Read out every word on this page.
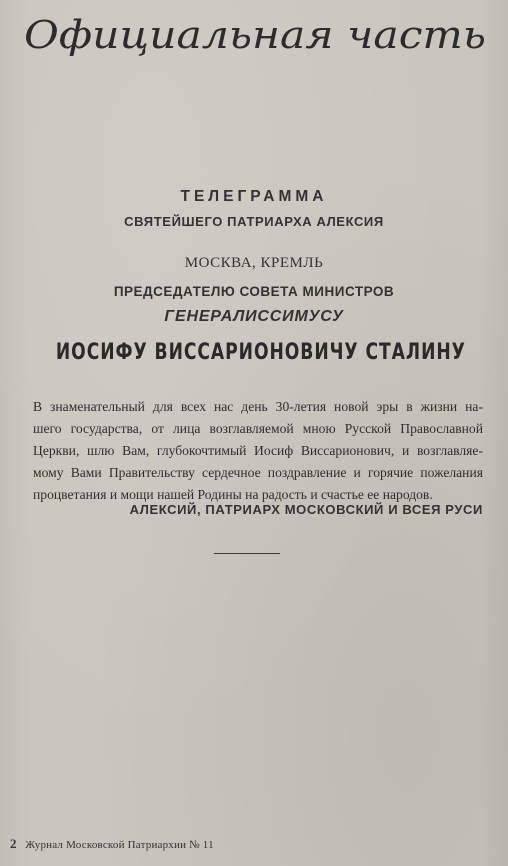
Официальная часть
ТЕЛЕГРАММА
СВЯТЕЙШЕГО ПАТРИАРХА АЛЕКСИЯ
МОСКВА, КРЕМЛЬ
ПРЕДСЕДАТЕЛЮ СОВЕТА МИНИСТРОВ
ГЕНЕРАЛИССИМУСУ
ИОСИФУ ВИССАРИОНОВИЧУ СТАЛИНУ
В знаменательный для всех нас день 30-летия новой эры в жизни на-
шего государства, от лица возглавляемой мною Русской Православной
Церкви, шлю Вам, глубокочтимый Иосиф Виссарионович, и возглавляе-
мому Вами Правительству сердечное поздравление и горячие пожелания
процветания и мощи нашей Родины на радость и счастье ее народов.
АЛЕКСИЙ, ПАТРИАРХ МОСКОВСКИЙ И ВСЕЯ РУСИ
2 Журнал Московской Патриархии № 11
